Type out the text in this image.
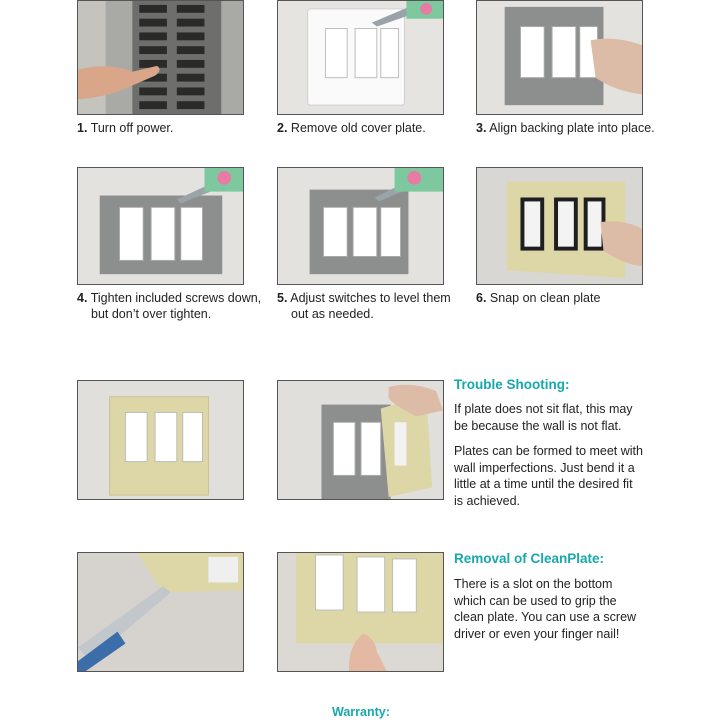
1. Turn off power.	2. Remove old cover plate.	3. Align backing plate into place.
4. Tighten included screws down,
but don’t over tighten.
5. Adjust switches to level them
out as needed.
6. Snap on clean plate
Trouble Shooting:

If plate does not sit flat, this may be because the wall is not flat.

Plates can be formed to meet with wall imperfections. Just bend it a little at a time until the desired fit is achieved.

Removal of CleanPlate:

There is a slot on the bottom which can be used to grip the clean plate. You can use a screw driver or even your finger nail!

Warranty:
